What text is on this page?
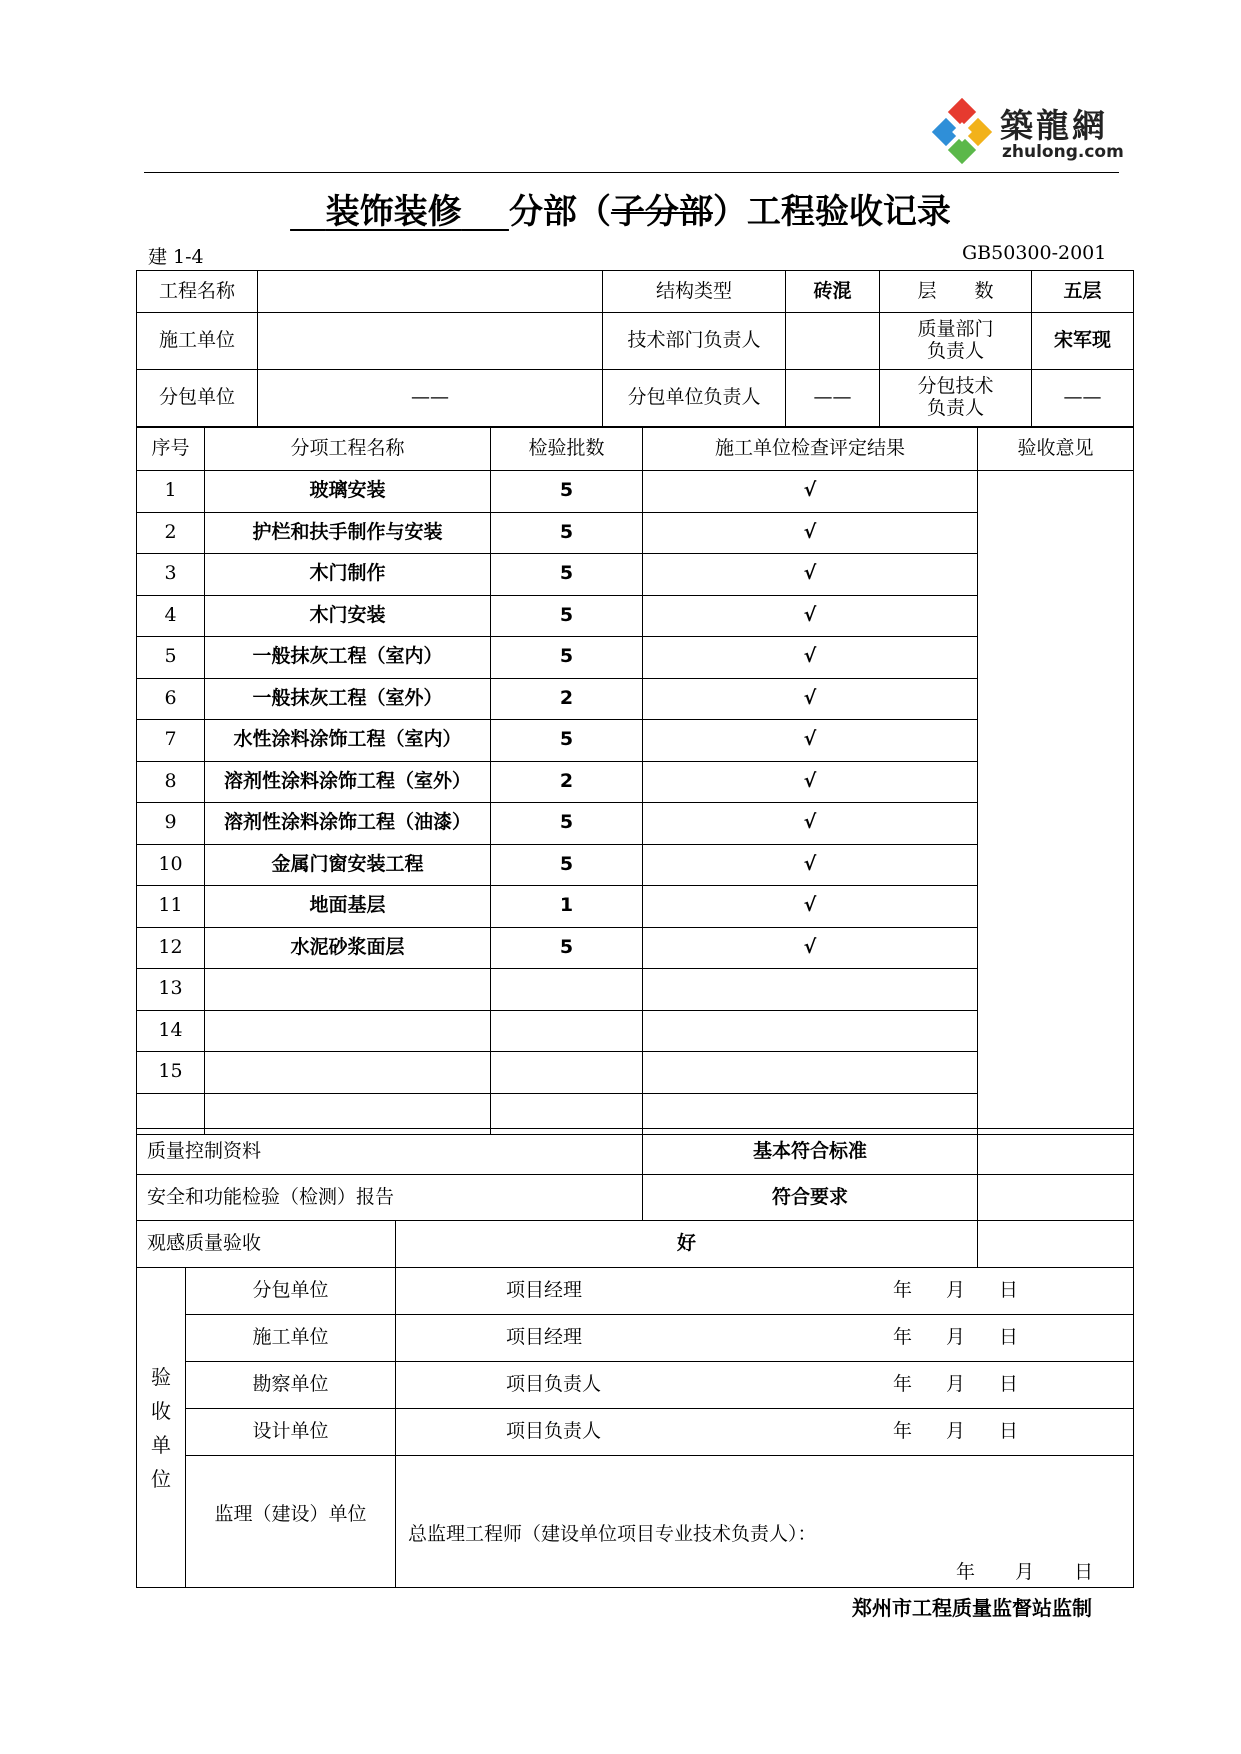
築龍網
zhulong.com
装饰装修 分部（子分部）工程验收记录
建 1-4	GB50300-2001
工程名称		结构类型	砖混	层　　数	五层
施工单位		技术部门负责人		质量部门负责人	宋军现
分包单位	——	分包单位负责人	——	分包技术负责人	——
序号	分项工程名称	检验批数	施工单位检查评定结果	验收意见
1	玻璃安装	5	√	
2	护栏和扶手制作与安装	5	√	
3	木门制作	5	√	
4	木门安装	5	√	
5	一般抹灰工程（室内）	5	√	
6	一般抹灰工程（室外）	2	√	
7	水性涂料涂饰工程（室内）	5	√	
8	溶剂性涂料涂饰工程（室外）	2	√	
9	溶剂性涂料涂饰工程（油漆）	5	√	
10	金属门窗安装工程	5	√	
11	地面基层	1	√	
12	水泥砂浆面层	5	√	
13				
14				
15				

质量控制资料		基本符合标准	
安全和功能检验（检测）报告		符合要求	
观感质量验收	好		
验收单位	分包单位	项目经理 年 月 日

	施工单位	项目经理 年 月 日

	勘察单位	项目负责人 年 月 日

	设计单位	项目负责人 年 月 日

	监理（建设）单位	总监理工程师（建设单位项目专业技术负责人）：
年 月 日
郑州市工程质量监督站监制
